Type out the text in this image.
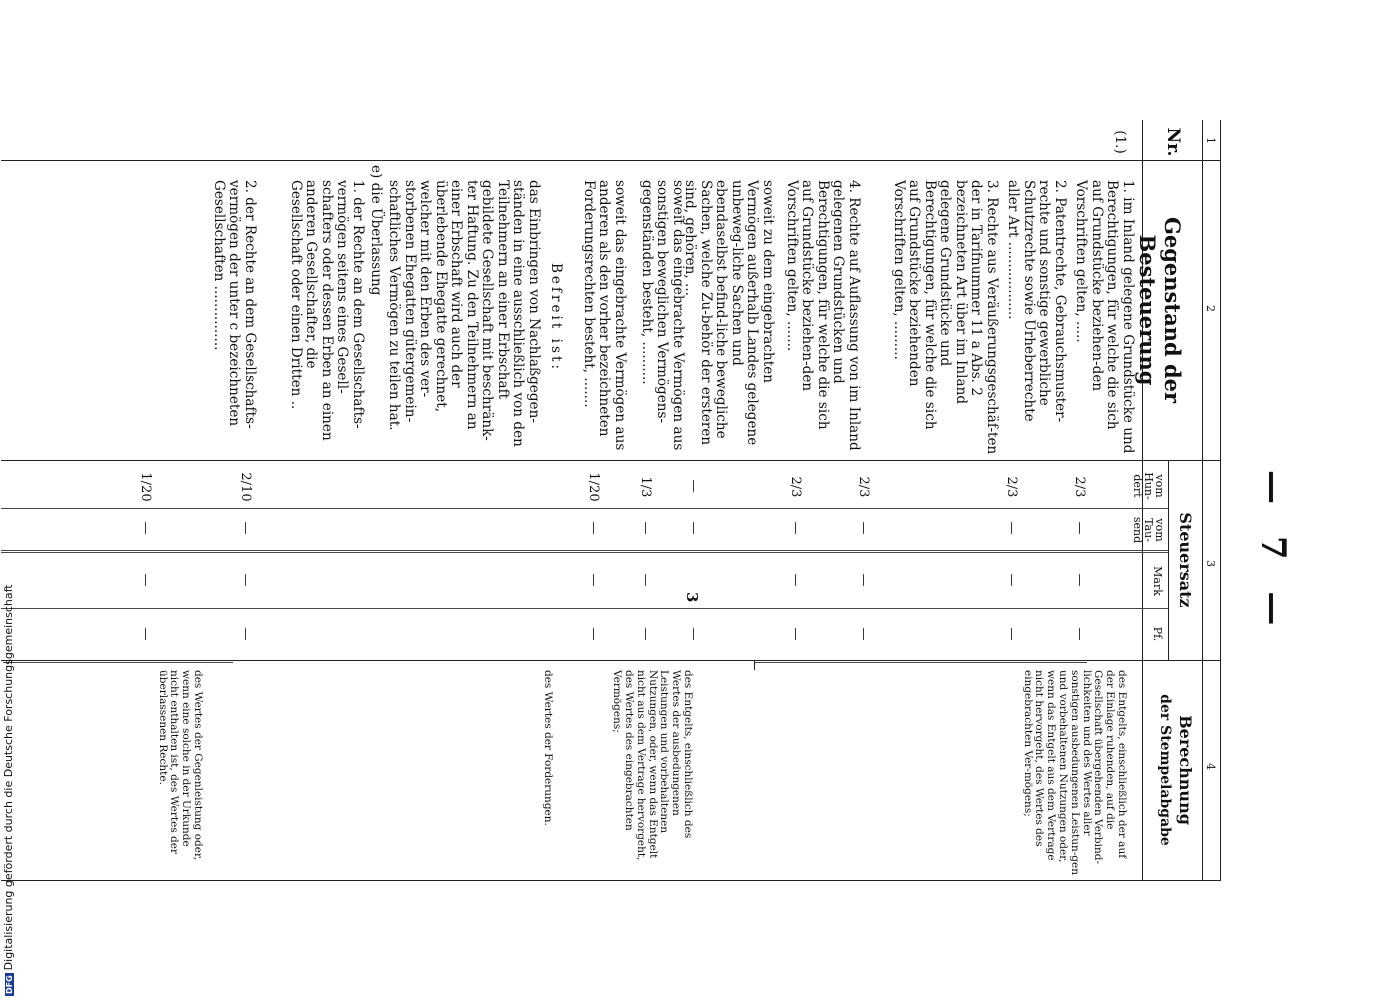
— 7 —
1
2
3
4
Nr.
Gegenstand der Besteuerung
Steuersatz
vom Hun-dert
vom Tau-send
Mark
Pf.
Berechnung
der Stempelabgabe
(1.)
1. im Inland gelegene Grundstücke und Berechtigungen, für welche die sich auf Grundstücke beziehen-den Vorschriften gelten, .....
2. Patentrechte, Gebrauchsmuster-rechte und sonstige gewerbliche Schutzrechte sowie Urheberrechte aller Art ..................
3. Rechte aus Veräußerungsgeschäf-ten der in Tarifnummer 11 a Abs. 2 bezeichneten Art über im Inland gelegene Grundstücke und Berechtigungen, für welche die sich auf Grundstücke beziehenden Vorschriften gelten, .........
4. Rechte auf Auflassung von im Inland gelegenen Grundstücken und Berechtigungen, für welche die sich auf Grundstücke beziehen-den Vorschriften gelten, .......
soweit zu dem eingebrachten Vermögen außerhalb Landes gelegene unbeweg-liche Sachen und ebendaselbst befind-liche bewegliche Sachen, welche Zu-behör der ersteren sind, gehören, ...
soweit das eingebrachte Vermögen aus sonstigen beweglichen Vermögens-gegenständen besteht, ..........
soweit das eingebrachte Vermögen aus anderen als den vorher bezeichneten Forderungsrechten besteht, .......
Befreit ist:
das Einbringen von Nachlaßgegen-ständen in eine ausschließlich von den Teilnehmern an einer Erbschaft gebildete Gesellschaft mit beschränk-ter Haftung. Zu den Teilnehmern an einer Erbschaft wird auch der überlebende Ehegatte gerechnet, welcher mit den Erben des ver-storbenen Ehegatten gütergemein-schaftliches Vermögen zu teilen hat.
e) die Überlassung
1. der Rechte an dem Gesellschafts-vermögen seitens eines Gesell-schafters oder dessen Erben an einen anderen Gesellschafter, die Gesellschaft oder einen Dritten ..
2. der Rechte an dem Gesellschafts-vermögen der unter c bezeichneten Gesellschaften ...............
2/3
2/3
2/3
2/3
1/3
1/20
2/10
1/20
3
—
—
—
—
—
—
—
—
—
—
—
—
—
—
—
—
—
—
—
—
—
—
—
—
—
—
—
des Entgelts, einschließlich der auf der Einlage ruhenden, auf die Gesellschaft übergehenden Verbind-lichkeiten und des Wertes aller sonstigen ausbedungenen Leistun-gen und vorbehaltenen Nutzungen oder, wenn das Entgelt aus dem Vertrage nicht hervorgeht, des Wertes des eingebrachten Ver-mögens;
des Entgelts, einschließlich des Wertes der ausbedungenen Leistungen und vorbehaltenen Nutzungen, oder, wenn das Entgelt nicht aus dem Vertrage hervorgeht, des Wertes des eingebrachten Vermögens;
des Wertes der Forderungen.
des Wertes der Gegenleistung oder, wenn eine solche in der Urkunde nicht enthalten ist, des Wertes der überlassenen Rechte.
DFGDigitalisierung gefördert durch die Deutsche Forschungsgemeinschaft
